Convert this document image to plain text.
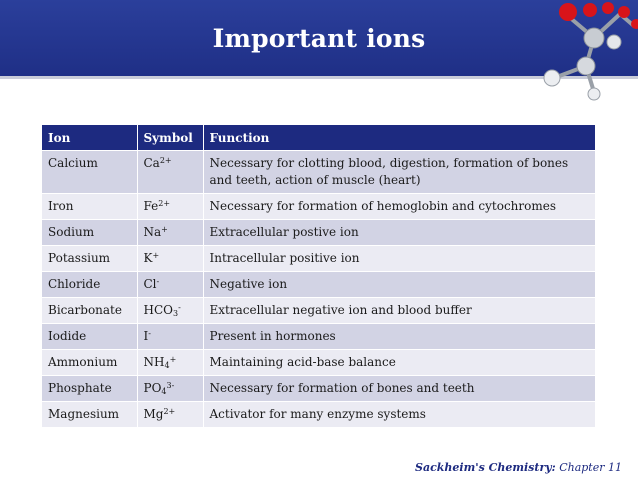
Important ions
Ion	Symbol	Function
Calcium	$Ca^{2+}$	Necessary for clotting blood, digestion, formation of bones and teeth, action of muscle (heart)
Iron	$Fe^{2+}$	Necessary for formation of hemoglobin and cytochromes
Sodium	Na+	Extracellular postive ion
Potassium	K+	Intracellular positive ion
Chloride	Cl-	Negative ion
Bicarbonate	$HCO_3^-$	Extracellular negative ion and blood buffer
Iodide	I-	Present in hormones
Ammonium	$NH_4^+$	Maintaining acid-base balance
Phosphate	$PO_4^{3-}$	Necessary for formation of bones and teeth
Magnesium	$Mg^{2+}$	Activator for many enzyme systems
Sackheim's Chemistry: Chapter 11
